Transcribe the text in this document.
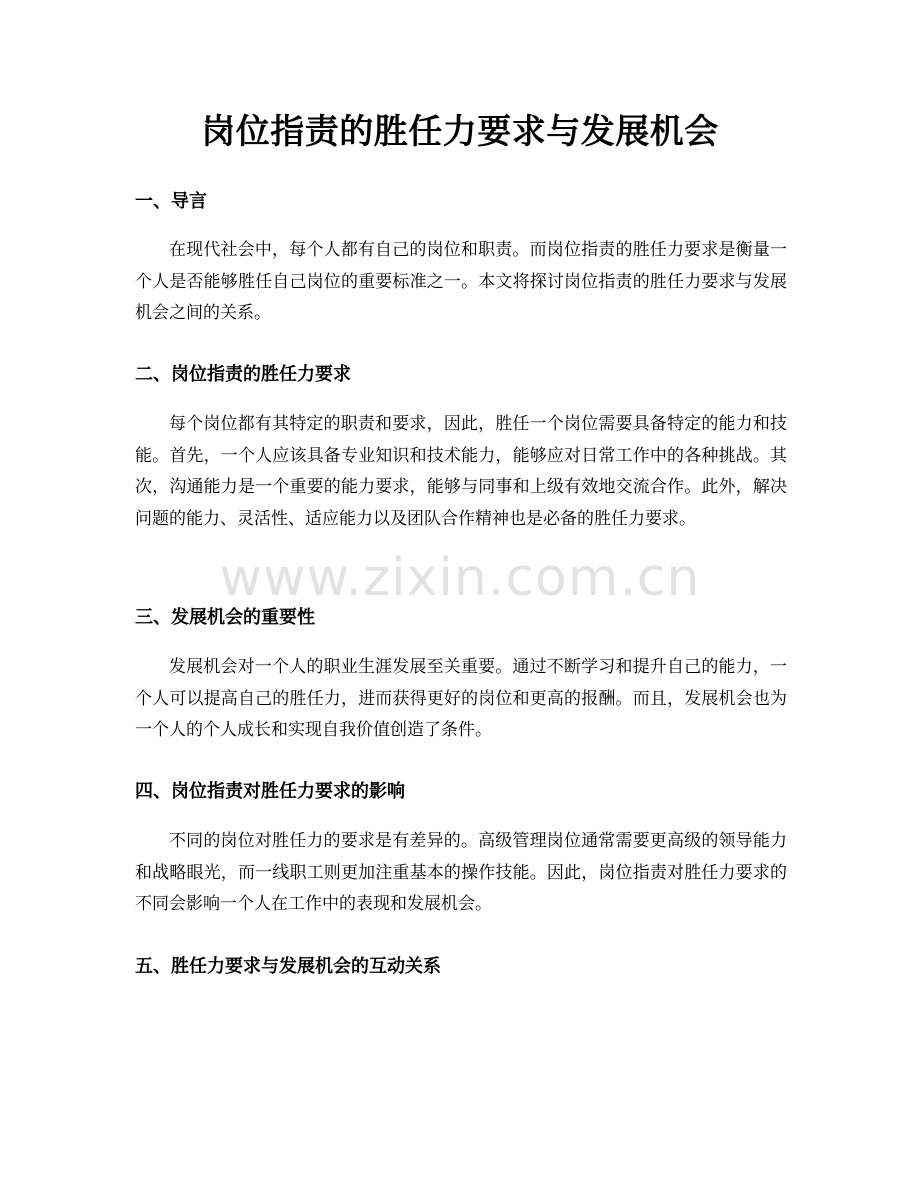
岗位指责的胜任力要求与发展机会
一、导言

在现代社会中，每个人都有自己的岗位和职责。而岗位指责的胜任力要求是衡量一个人是否能够胜任自己岗位的重要标准之一。本文将探讨岗位指责的胜任力要求与发展机会之间的关系。

二、岗位指责的胜任力要求

每个岗位都有其特定的职责和要求，因此，胜任一个岗位需要具备特定的能力和技能。首先，一个人应该具备专业知识和技术能力，能够应对日常工作中的各种挑战。其次，沟通能力是一个重要的能力要求，能够与同事和上级有效地交流合作。此外，解决问题的能力、灵活性、适应能力以及团队合作精神也是必备的胜任力要求。

www.zixin.com.cn
三、发展机会的重要性

发展机会对一个人的职业生涯发展至关重要。通过不断学习和提升自己的能力，一个人可以提高自己的胜任力，进而获得更好的岗位和更高的报酬。而且，发展机会也为一个人的个人成长和实现自我价值创造了条件。

四、岗位指责对胜任力要求的影响

不同的岗位对胜任力的要求是有差异的。高级管理岗位通常需要更高级的领导能力和战略眼光，而一线职工则更加注重基本的操作技能。因此，岗位指责对胜任力要求的不同会影响一个人在工作中的表现和发展机会。

五、胜任力要求与发展机会的互动关系
